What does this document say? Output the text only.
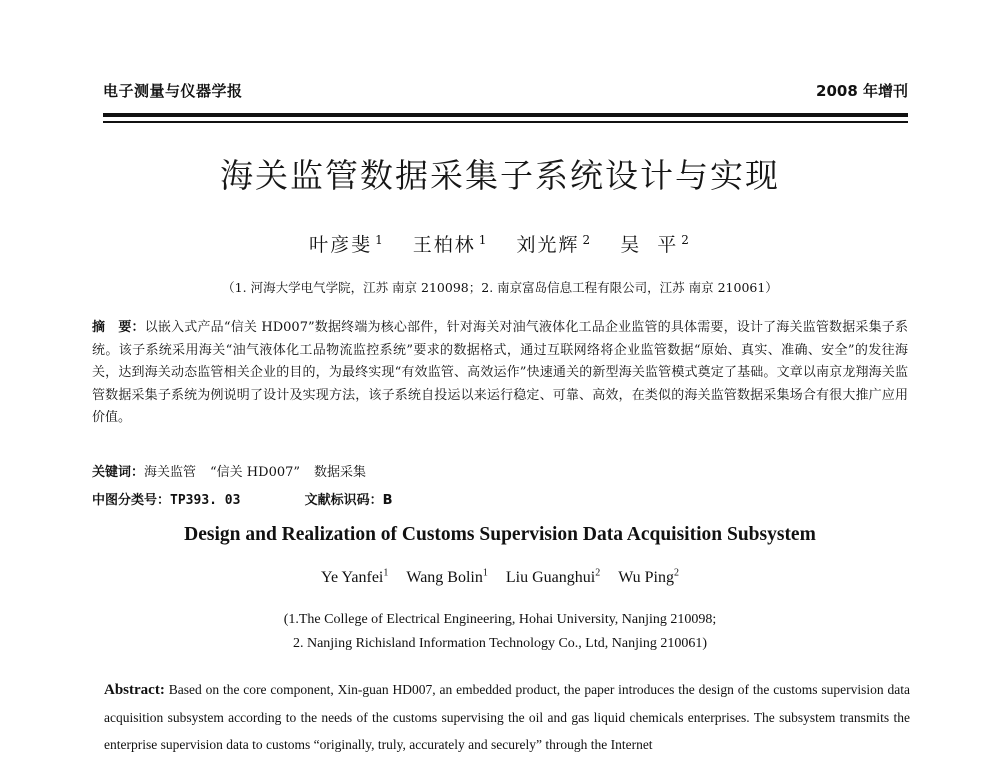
电子测量与仪器学报	2008 年增刊
海关监管数据采集子系统设计与实现
叶彦斐 $^1$ 王柏林 $^1$ 刘光辉 $^2$ 吴  平 $^2$
（1. 河海大学电气学院，江苏 南京 210098；2. 南京富岛信息工程有限公司，江苏 南京 210061）
摘　要：以嵌入式产品“信关 HD007”数据终端为核心部件，针对海关对油气液体化工品企业监管的具体需要，设计了海关监管数据采集子系统。该子系统采用海关“油气液体化工品物流监控系统”要求的数据格式，通过互联网络将企业监管数据“原始、真实、准确、安全”的发往海关，达到海关动态监管相关企业的目的，为最终实现“有效监管、高效运作”快速通关的新型海关监管模式奠定了基础。文章以南京龙翔海关监管数据采集子系统为例说明了设计及实现方法，该子系统自投运以来运行稳定、可靠、高效，在类似的海关监管数据采集场合有很大推广应用价值。
关键词：海关监管 “信关 HD007” 数据采集
中图分类号：TP393. 03	文献标识码：B
Design and Realization of Customs Supervision Data Acquisition Subsystem
Ye Yanfei$^1$ Wang Bolin$^1$ Liu Guanghui$^2$ Wu Ping$^2$
(1.The College of Electrical Engineering, Hohai University, Nanjing 210098;
2. Nanjing Richisland Information Technology Co., Ltd, Nanjing 210061)
Abstract: Based on the core component, Xin-guan HD007, an embedded product, the paper introduces the design of the customs supervision data acquisition subsystem according to the needs of the customs supervising the oil and gas liquid chemicals enterprises. The subsystem transmits the enterprise supervision data to customs “originally, truly, accurately and securely” through the Internet
